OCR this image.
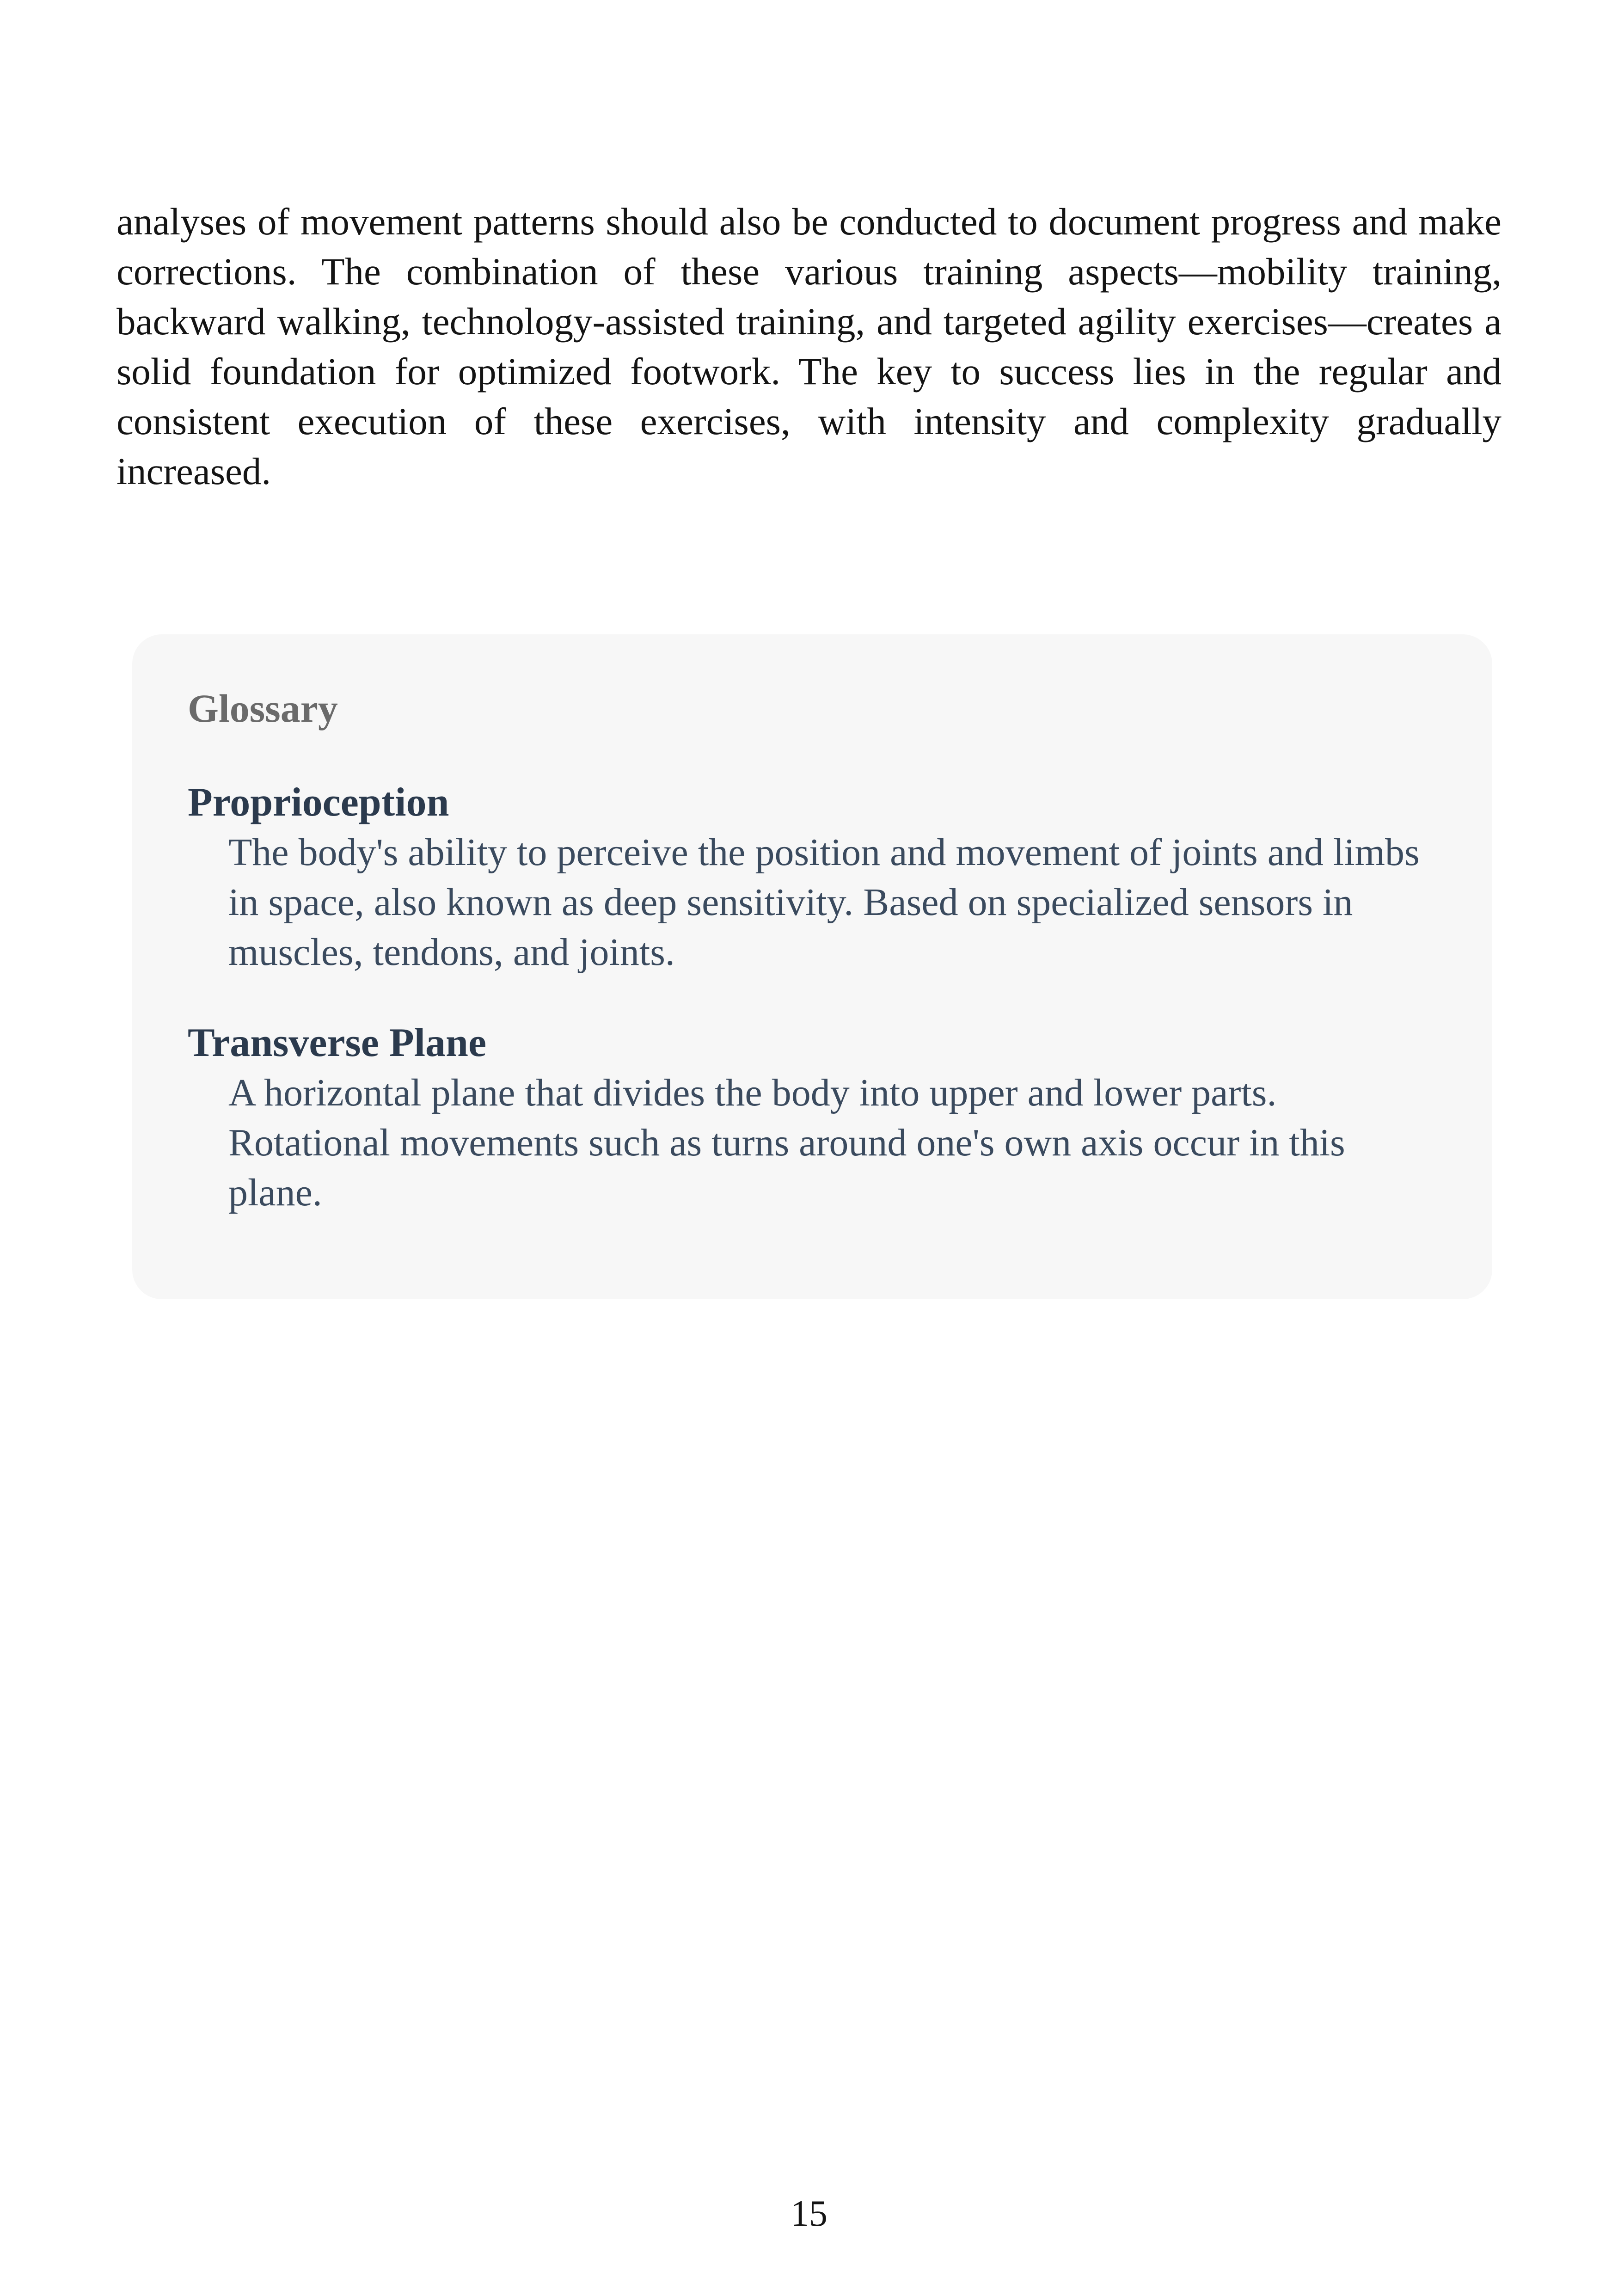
analyses of movement patterns should also be conducted to document progress and make corrections. The combination of these various training aspects—mobility training, backward walking, technology-assisted training, and targeted agility exercises—creates a solid foundation for optimized footwork. The key to success lies in the regular and consistent execution of these exercises, with intensity and complexity gradually increased.

Glossary

Proprioception

The body's ability to perceive the position and movement of joints and limbs in space, also known as deep sensitivity. Based on specialized sensors in muscles, tendons, and joints.

Transverse Plane

A horizontal plane that divides the body into upper and lower parts. Rotational movements such as turns around one's own axis occur in this plane.

15
